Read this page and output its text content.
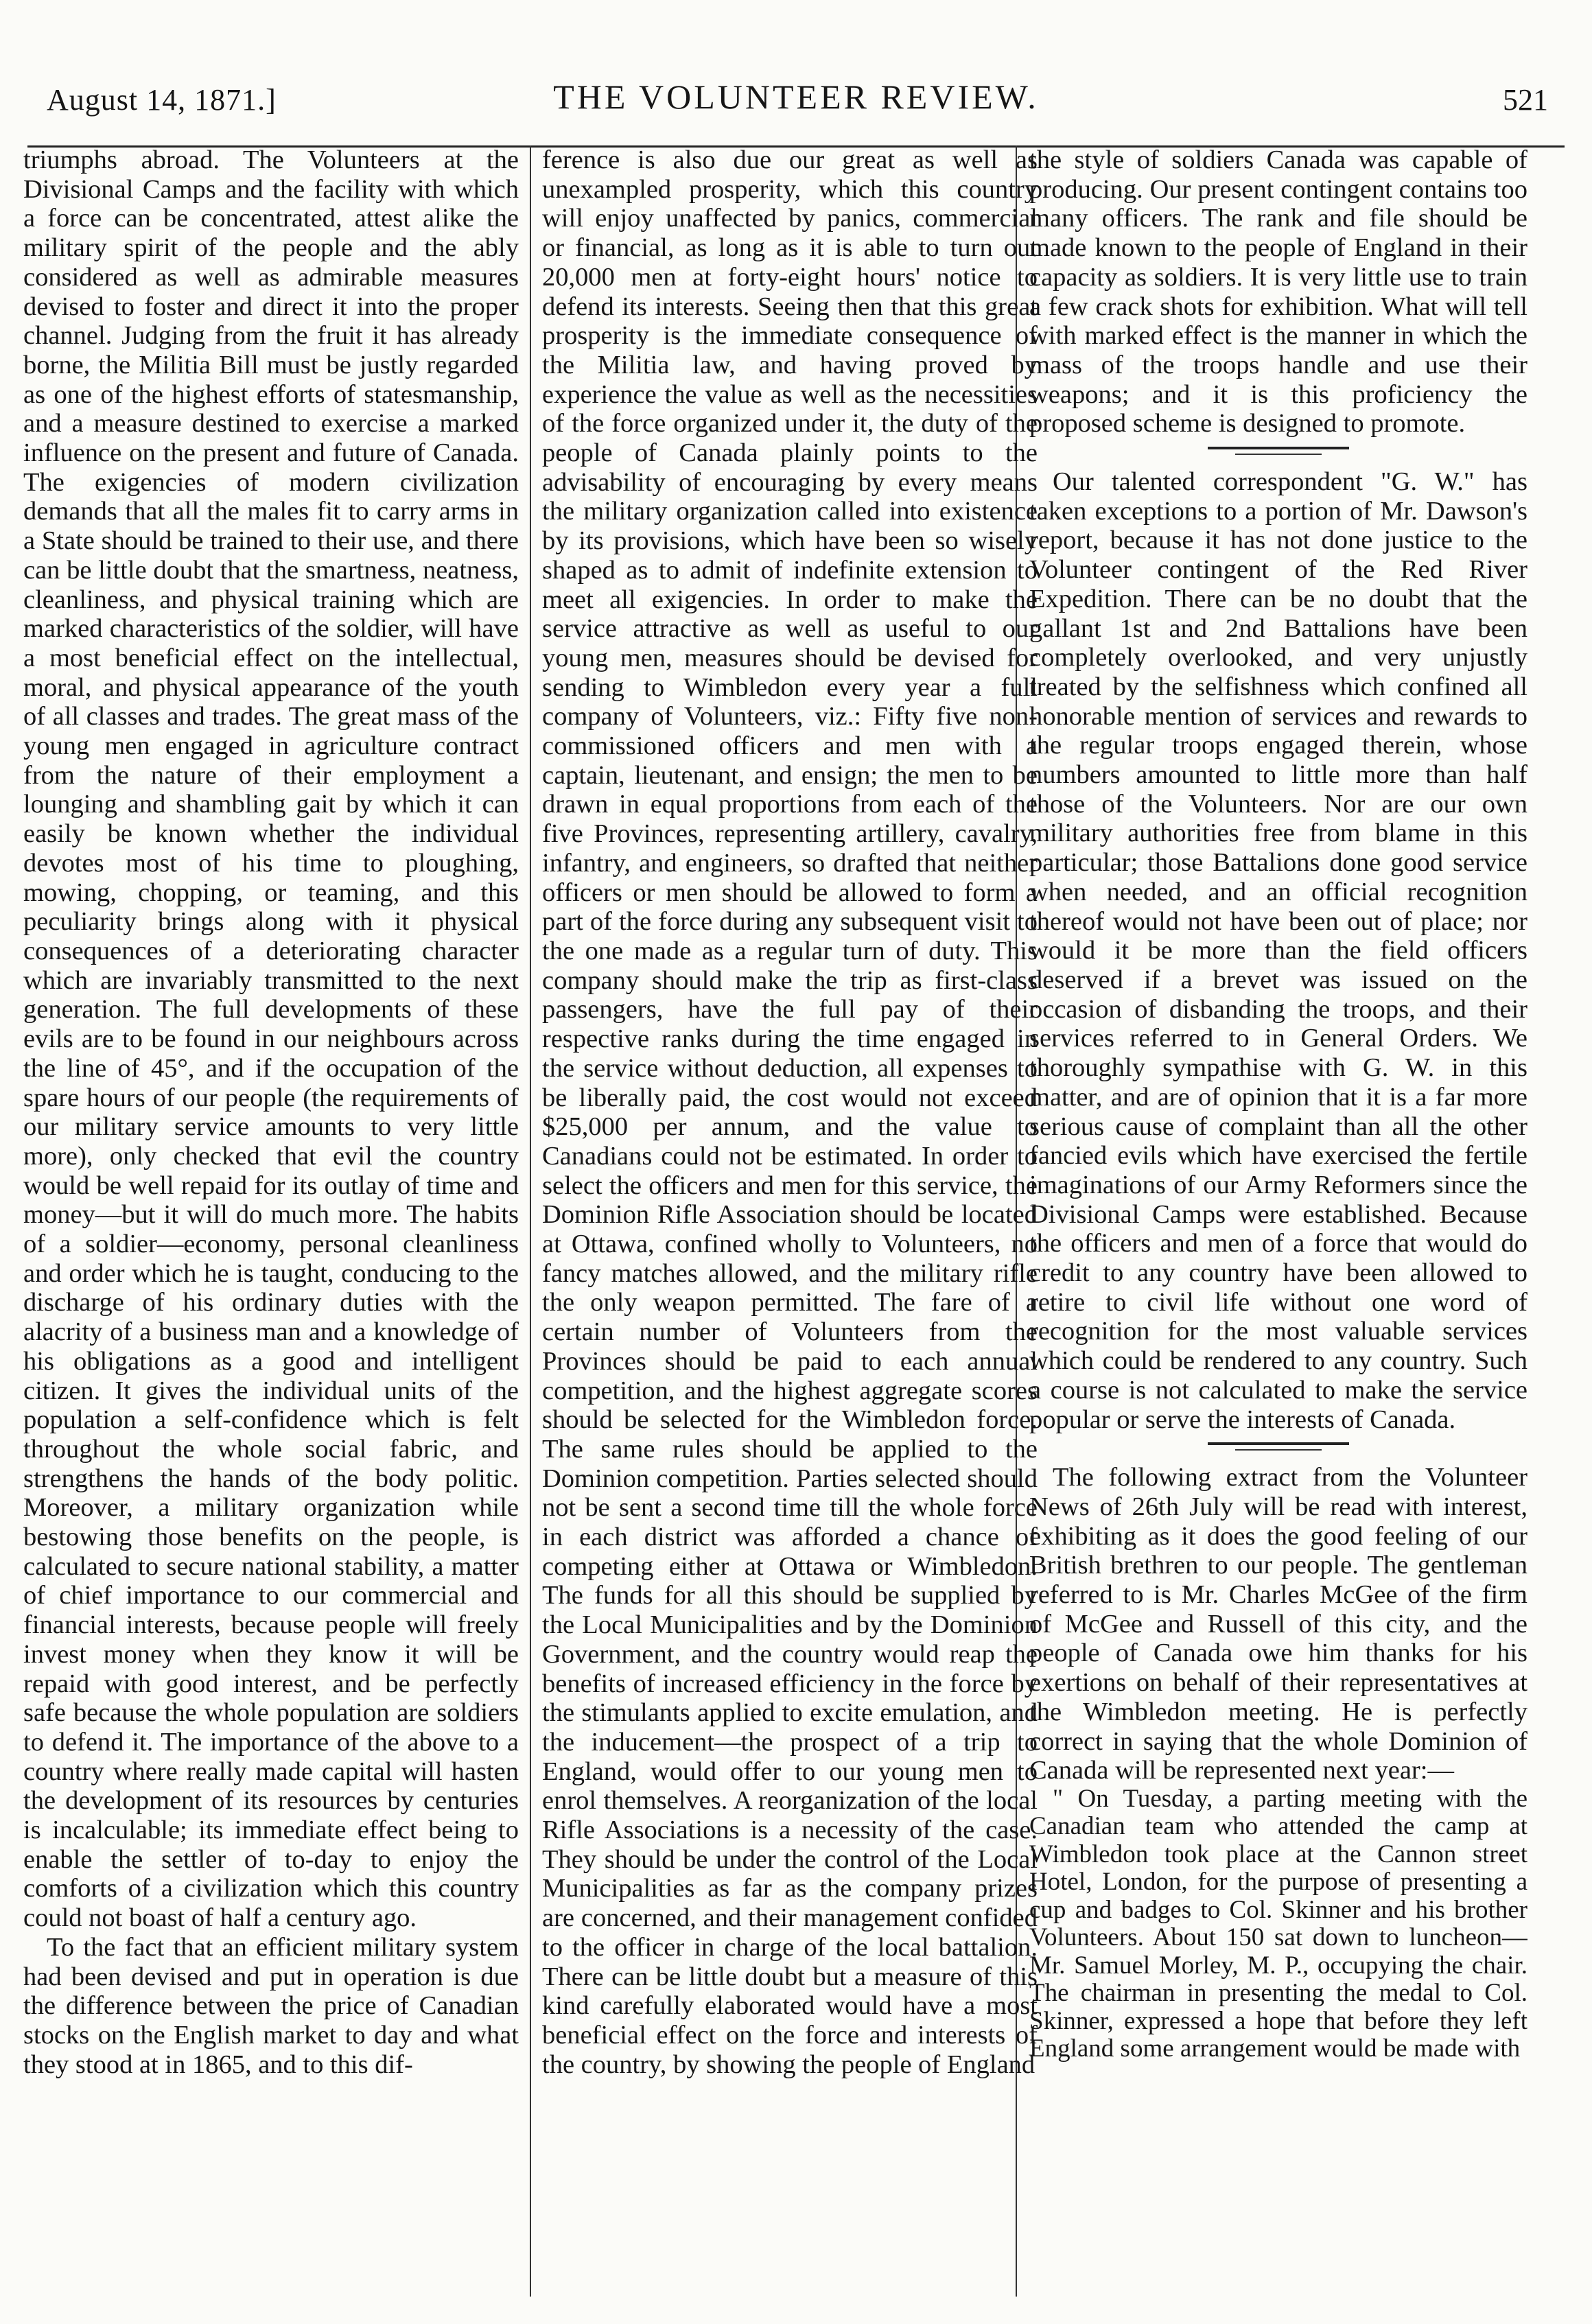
August 14, 1871.]	THE VOLUNTEER REVIEW.	521

triumphs abroad. The Volunteers at the Divisional Camps and the facility with which a force can be concentrated, attest alike the military spirit of the people and the ably considered as well as admirable measures devised to foster and direct it into the proper channel. Judging from the fruit it has already borne, the Militia Bill must be justly regarded as one of the highest efforts of statesmanship, and a measure destined to exercise a marked influence on the present and future of Canada. The exigencies of modern civilization demands that all the males fit to carry arms in a State should be trained to their use, and there can be little doubt that the smartness, neatness, cleanliness, and physical training which are marked characteristics of the soldier, will have a most beneficial effect on the intellectual, moral, and physical appearance of the youth of all classes and trades. The great mass of the young men engaged in agriculture contract from the nature of their employment a lounging and shambling gait by which it can easily be known whether the individual devotes most of his time to ploughing, mowing, chopping, or teaming, and this peculiarity brings along with it physical consequences of a deteriorating character which are invariably transmitted to the next generation. The full developments of these evils are to be found in our neighbours across the line of 45°, and if the occupation of the spare hours of our people (the requirements of our military service amounts to very little more), only checked that evil the country would be well repaid for its outlay of time and money—but it will do much more. The habits of a soldier—economy, personal cleanliness and order which he is taught, conducing to the discharge of his ordinary duties with the alacrity of a business man and a knowledge of his obligations as a good and intelligent citizen. It gives the individual units of the population a self-confidence which is felt throughout the whole social fabric, and strengthens the hands of the body politic. Moreover, a military organization while bestowing those benefits on the people, is calculated to secure national stability, a matter of chief importance to our commercial and financial interests, because people will freely invest money when they know it will be repaid with good interest, and be perfectly safe because the whole population are soldiers to defend it. The importance of the above to a country where really made capital will hasten the development of its resources by centuries is incalculable; its immediate effect being to enable the settler of to-day to enjoy the comforts of a civilization which this country could not boast of half a century ago.

To the fact that an efficient military system had been devised and put in operation is due the difference between the price of Canadian stocks on the English market to day and what they stood at in 1865, and to this dif-

ference is also due our great as well as unexampled prosperity, which this country will enjoy unaffected by panics, commercial or financial, as long as it is able to turn out 20,000 men at forty-eight hours' notice to defend its interests. Seeing then that this great prosperity is the immediate consequence of the Militia law, and having proved by experience the value as well as the necessities of the force organized under it, the duty of the people of Canada plainly points to the advisability of encouraging by every means the military organization called into existence by its provisions, which have been so wisely shaped as to admit of indefinite extension to meet all exigencies. In order to make the service attractive as well as useful to our young men, measures should be devised for sending to Wimbledon every year a full company of Volunteers, viz.: Fifty five non-commissioned officers and men with a captain, lieutenant, and ensign; the men to be drawn in equal proportions from each of the five Provinces, representing artillery, cavalry, infantry, and engineers, so drafted that neither officers or men should be allowed to form a part of the force during any subsequent visit to the one made as a regular turn of duty. This company should make the trip as first-class passengers, have the full pay of their respective ranks during the time engaged in the service without deduction, all expenses to be liberally paid, the cost would not exceed $25,000 per annum, and the value to Canadians could not be estimated. In order to select the officers and men for this service, the Dominion Rifle Association should be located at Ottawa, confined wholly to Volunteers, no fancy matches allowed, and the military rifle the only weapon permitted. The fare of a certain number of Volunteers from the Provinces should be paid to each annual competition, and the highest aggregate scores should be selected for the Wimbledon force. The same rules should be applied to the Dominion competition. Parties selected should not be sent a second time till the whole force in each district was afforded a chance of competing either at Ottawa or Wimbledon. The funds for all this should be supplied by the Local Municipalities and by the Dominion Government, and the country would reap the benefits of increased efficiency in the force by the stimulants applied to excite emulation, and the inducement—the prospect of a trip to England, would offer to our young men to enrol themselves. A reorganization of the local Rifle Associations is a necessity of the case. They should be under the control of the Local Municipalities as far as the company prizes are concerned, and their management confided to the officer in charge of the local battalion. There can be little doubt but a measure of this kind carefully elaborated would have a most beneficial effect on the force and interests of the country, by showing the people of England

the style of soldiers Canada was capable of producing. Our present contingent contains too many officers. The rank and file should be made known to the people of England in their capacity as soldiers. It is very little use to train a few crack shots for exhibition. What will tell with marked effect is the manner in which the mass of the troops handle and use their weapons; and it is this proficiency the proposed scheme is designed to promote.

Our talented correspondent "G. W." has taken exceptions to a portion of Mr. Dawson's report, because it has not done justice to the Volunteer contingent of the Red River Expedition. There can be no doubt that the gallant 1st and 2nd Battalions have been completely overlooked, and very unjustly treated by the selfishness which confined all honorable mention of services and rewards to the regular troops engaged therein, whose numbers amounted to little more than half those of the Volunteers. Nor are our own military authorities free from blame in this particular; those Battalions done good service when needed, and an official recognition thereof would not have been out of place; nor would it be more than the field officers deserved if a brevet was issued on the occasion of disbanding the troops, and their services referred to in General Orders. We thoroughly sympathise with G. W. in this matter, and are of opinion that it is a far more serious cause of complaint than all the other fancied evils which have exercised the fertile imaginations of our Army Reformers since the Divisional Camps were established. Because the officers and men of a force that would do credit to any country have been allowed to retire to civil life without one word of recognition for the most valuable services which could be rendered to any country. Such a course is not calculated to make the service popular or serve the interests of Canada.

The following extract from the Volunteer News of 26th July will be read with interest, exhibiting as it does the good feeling of our British brethren to our people. The gentleman referred to is Mr. Charles McGee of the firm of McGee and Russell of this city, and the people of Canada owe him thanks for his exertions on behalf of their representatives at the Wimbledon meeting. He is perfectly correct in saying that the whole Dominion of Canada will be represented next year:—

" On Tuesday, a parting meeting with the Canadian team who attended the camp at Wimbledon took place at the Cannon street Hotel, London, for the purpose of presenting a cup and badges to Col. Skinner and his brother Volunteers. About 150 sat down to luncheon—Mr. Samuel Morley, M. P., occupying the chair. The chairman in presenting the medal to Col. Skinner, expressed a hope that before they left England some arrangement would be made with
